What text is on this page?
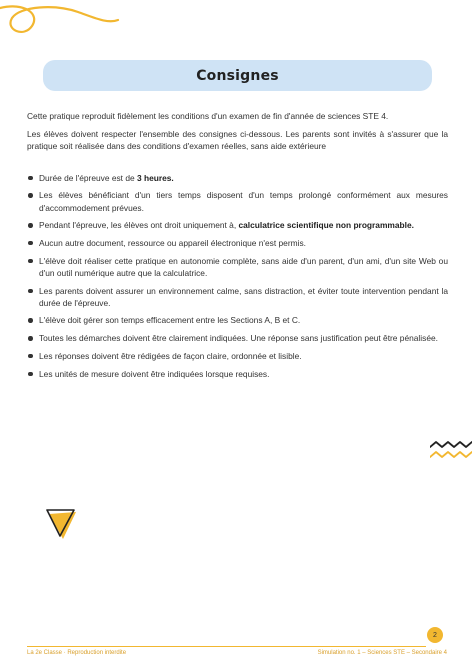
Consignes

Cette pratique reproduit fidèlement les conditions d'un examen de fin d'année de sciences STE 4.

Les élèves doivent respecter l'ensemble des consignes ci-dessous. Les parents sont invités à s'assurer que la pratique soit réalisée dans des conditions d'examen réelles, sans aide extérieure

Durée de l'épreuve est de 3 heures.
Les élèves bénéficiant d'un tiers temps disposent d'un temps prolongé conformément aux mesures d'accommodement prévues.
Pendant l'épreuve, les élèves ont droit uniquement à, calculatrice scientifique non programmable.
Aucun autre document, ressource ou appareil électronique n'est permis.
L'élève doit réaliser cette pratique en autonomie complète, sans aide d'un parent, d'un ami, d'un site Web ou d'un outil numérique autre que la calculatrice.
Les parents doivent assurer un environnement calme, sans distraction, et éviter toute intervention pendant la durée de l'épreuve.
L'élève doit gérer son temps efficacement entre les Sections A, B et C.
Toutes les démarches doivent être clairement indiquées. Une réponse sans justification peut être pénalisée.
Les réponses doivent être rédigées de façon claire, ordonnée et lisible.
Les unités de mesure doivent être indiquées lorsque requises.
2
La 2e Classe · Reproduction interdite	Simulation no. 1 – Sciences STE – Secondaire 4
